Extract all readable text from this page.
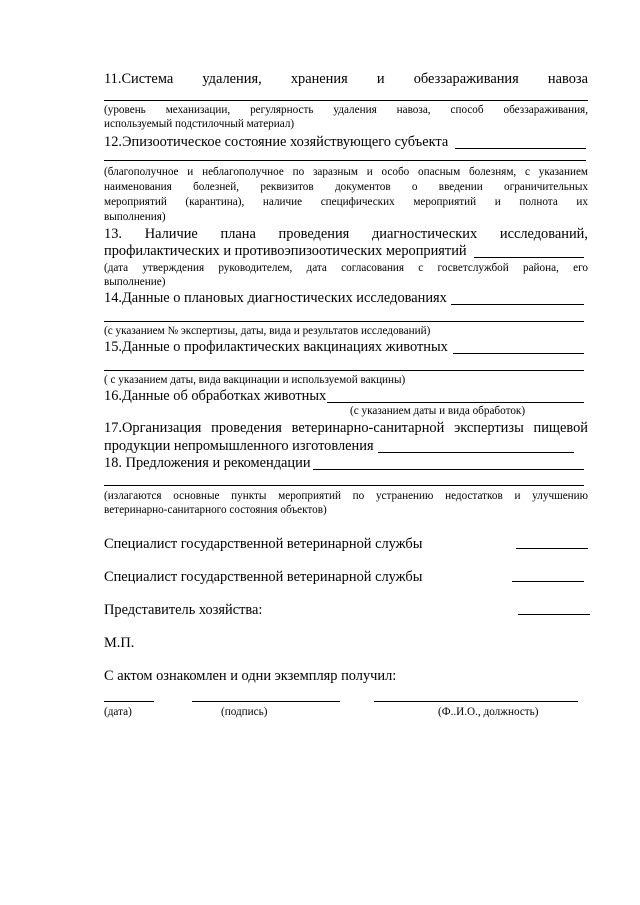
11.Система удаления, хранения и обеззараживания навоза
(уровень механизации, регулярность удаления навоза, способ обеззараживания,
используемый подстилочный материал)
12.Эпизоотическое состояние хозяйствующего субъекта
(благополучное и неблагополучное по заразным и особо опасным болезням, с указанием
наименования болезней, реквизитов документов о введении ограничительных
мероприятий (карантина), наличие специфических мероприятий и полнота их
выполнения)
13. Наличие плана проведения диагностических исследований,
профилактических и противоэпизоотических мероприятий
(дата утверждения руководителем, дата согласования с госветслужбой района, его
выполнение)
14.Данные о плановых диагностических исследованиях
(с указанием № экспертизы, даты, вида и результатов исследований)
15.Данные о профилактических вакцинациях животных
( с указанием даты, вида вакцинации и используемой вакцины)
16.Данные об обработках животных
(с указанием даты и вида обработок)
17.Организация проведения ветеринарно-санитарной экспертизы пищевой
продукции непромышленного изготовления
18. Предложения и рекомендации
(излагаются основные пункты мероприятий по устранению недостатков и улучшению
ветеринарно-санитарного состояния объектов)
Специалист государственной ветеринарной службы
Специалист государственной ветеринарной службы
Представитель хозяйства:
М.П.
С актом ознакомлен и одни экземпляр получил:
(дата)	(подпись)	(Ф..И.О., должность)
